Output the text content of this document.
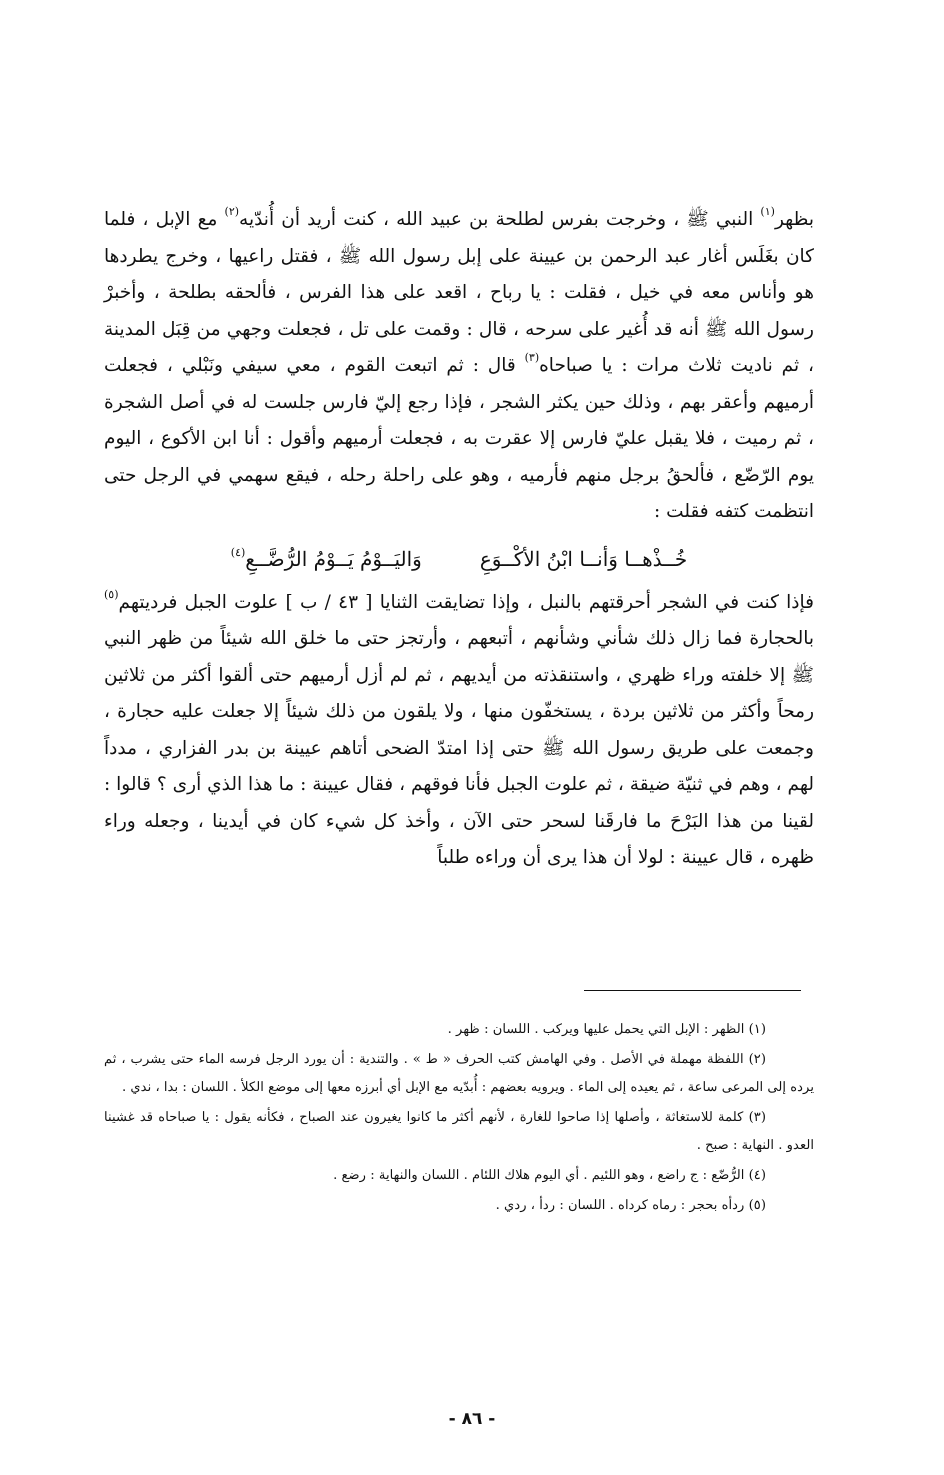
بظهر$^{(١)}$ النبي ﷺ ، وخرجت بفرس لطلحة بن عبيد الله ، كنت أريد أن أُندّيه$^{(٢)}$ مع الإبل ، فلما كان بغَلَس أغار عبد الرحمن بن عيينة على إبل رسول الله ﷺ ، فقتل راعيها ، وخرج يطردها هو وأناس معه في خيل ، فقلت : يا رباح ، اقعد على هذا الفرس ، فألحقه بطلحة ، وأخبرْ رسول الله ﷺ أنه قد أُغير على سرحه ، قال : وقمت على تل ، فجعلت وجهي من قِبَل المدينة ، ثم ناديت ثلاث مرات : يا صباحاه$^{(٣)}$ قال : ثم اتبعت القوم ، معي سيفي ونَبْلي ، فجعلت أرميهم وأعقر بهم ، وذلك حين يكثر الشجر ، فإذا رجع إليّ فارس جلست له في أصل الشجرة ، ثم رميت ، فلا يقبل عليّ فارس إلا عقرت به ، فجعلت أرميهم وأقول : أنا ابن الأكوع ، اليوم يوم الرّضّع ، فألحقُ برجل منهم فأرميه ، وهو على راحلة رحله ، فيقع سهمي في الرجل حتى انتظمت كتفه فقلت :

خُــذْهــا وَأنــا ابْنُ الأكْــوَعِ
وَاليَــوْمُ يَــوْمُ الرُّضَّــعِ$^{(٤)}$

فإذا كنت في الشجر أحرقتهم بالنبل ، وإذا تضايقت الثنايا [ ٤٣ / ب ] علوت الجبل فرديتهم$^{(٥)}$ بالحجارة فما زال ذلك شأني وشأنهم ، أتبعهم ، وأرتجز حتى ما خلق الله شيئاً من ظهر النبي ﷺ إلا خلفته وراء ظهري ، واستنقذته من أيديهم ، ثم لم أزل أرميهم حتى ألقوا أكثر من ثلاثين رمحاً وأكثر من ثلاثين بردة ، يستخفّون منها ، ولا يلقون من ذلك شيئاً إلا جعلت عليه حجارة ، وجمعت على طريق رسول الله ﷺ حتى إذا امتدّ الضحى أتاهم عيينة بن بدر الفزاري ، مدداً لهم ، وهم في ثنيّة ضيقة ، ثم علوت الجبل فأنا فوقهم ، فقال عيينة : ما هذا الذي أرى ؟ قالوا : لقينا من هذا البَرْحَ ما فارقَنا لسحر حتى الآن ، وأخذ كل شيء كان في أيدينا ، وجعله وراء ظهره ، قال عيينة : لولا أن هذا يرى أن وراءه طلباً

(١) الظهر : الإبل التي يحمل عليها ويركب . اللسان : ظهر .

(٢) اللفظة مهملة في الأصل . وفي الهامش كتب الحرف « ط » . والتندية : أن يورد الرجل فرسه الماء حتى يشرب ، ثم يرده إلى المرعى ساعة ، ثم يعيده إلى الماء . ويرويه بعضهم : أُبدّيه مع الإبل أي أبرزه معها إلى موضع الكلأ . اللسان : بدا ، ندي .

(٣) كلمة للاستغاثة ، وأصلها إذا صاحوا للغارة ، لأنهم أكثر ما كانوا يغيرون عند الصباح ، فكأنه يقول : يا صباحاه قد غشينا العدو . النهاية : صبح .

(٤) الرُّضّع : ج راضع ، وهو اللئيم . أي اليوم هلاك اللئام . اللسان والنهاية : رضع .

(٥) ردأه بحجر : رماه كرداه . اللسان : ردأ ، ردي .

- ٨٦ -
